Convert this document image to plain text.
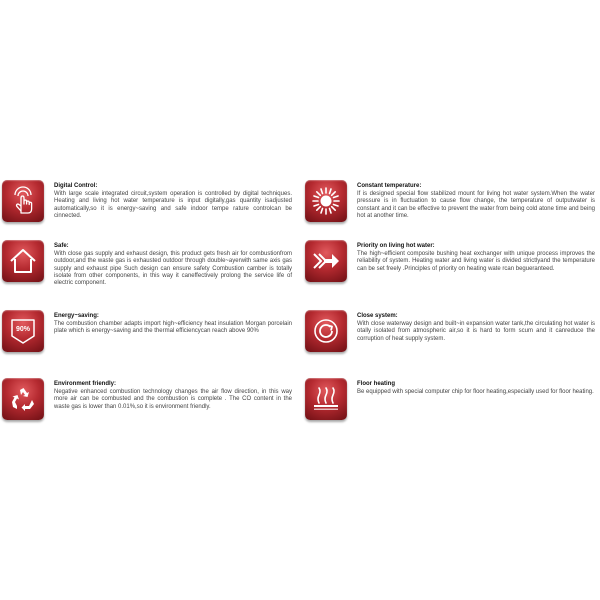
Digital Control:

With large scale integrated circuit,system operation is controlled by digital techniques. Heating and living hot water temperature is input digitally,gas quantity isadjusted automatically,so it is energy~saving and safe indoor tempe rature controlcan be cinnected.

Safe:

With close gas supply and exhaust design, this product gets fresh air for combustionfrom outdoor,and the waste gas is exhausted outdoor through double~ayerwith same axis gas supply and exhaust pipe Such design can ensure safety Combustion camber is totally isolate from other components, in this way it caneffectively prolong the service life of electric component.

90%

Energy~saving:

The combustion chamber adapts import high~efficiency heat insulation Morgan porcelain plate which is energy~saving and the thermal efficiencycan reach above 90%

Environment friendly:

Negative enhanced combustion technology changes the air flow direction, in this way more air can be combusted and the combustion is complete . The CO content in the waste gas is lower than 0.01%,so it is environment friendly.

Constant temperature:

If is designed special flow stabilized mount for living hot water system.When the water pressure is in fluctuation to cause flow change, the temperature of outputwater is constant and it can be effective to prevent the water from being cold atone time and being hot at another time.

Priority on living hot water:

The high~efficient composite bushing heat exchanger with unique process improves the reliability of system. Heating water and living water is divided strictlyand the temperature can be set freely .Principles of priority on heating wate rcan begueranteed.

Close system:

With close waterway design and built~in expansion water tank,the circulating hot water is otally isolated from atmospheric air,so it is hard to form scum and it canreduce the corruption of heat supply system.

Floor heating

Be equipped with special computer chip for floor heating,especially used for floor heating.
